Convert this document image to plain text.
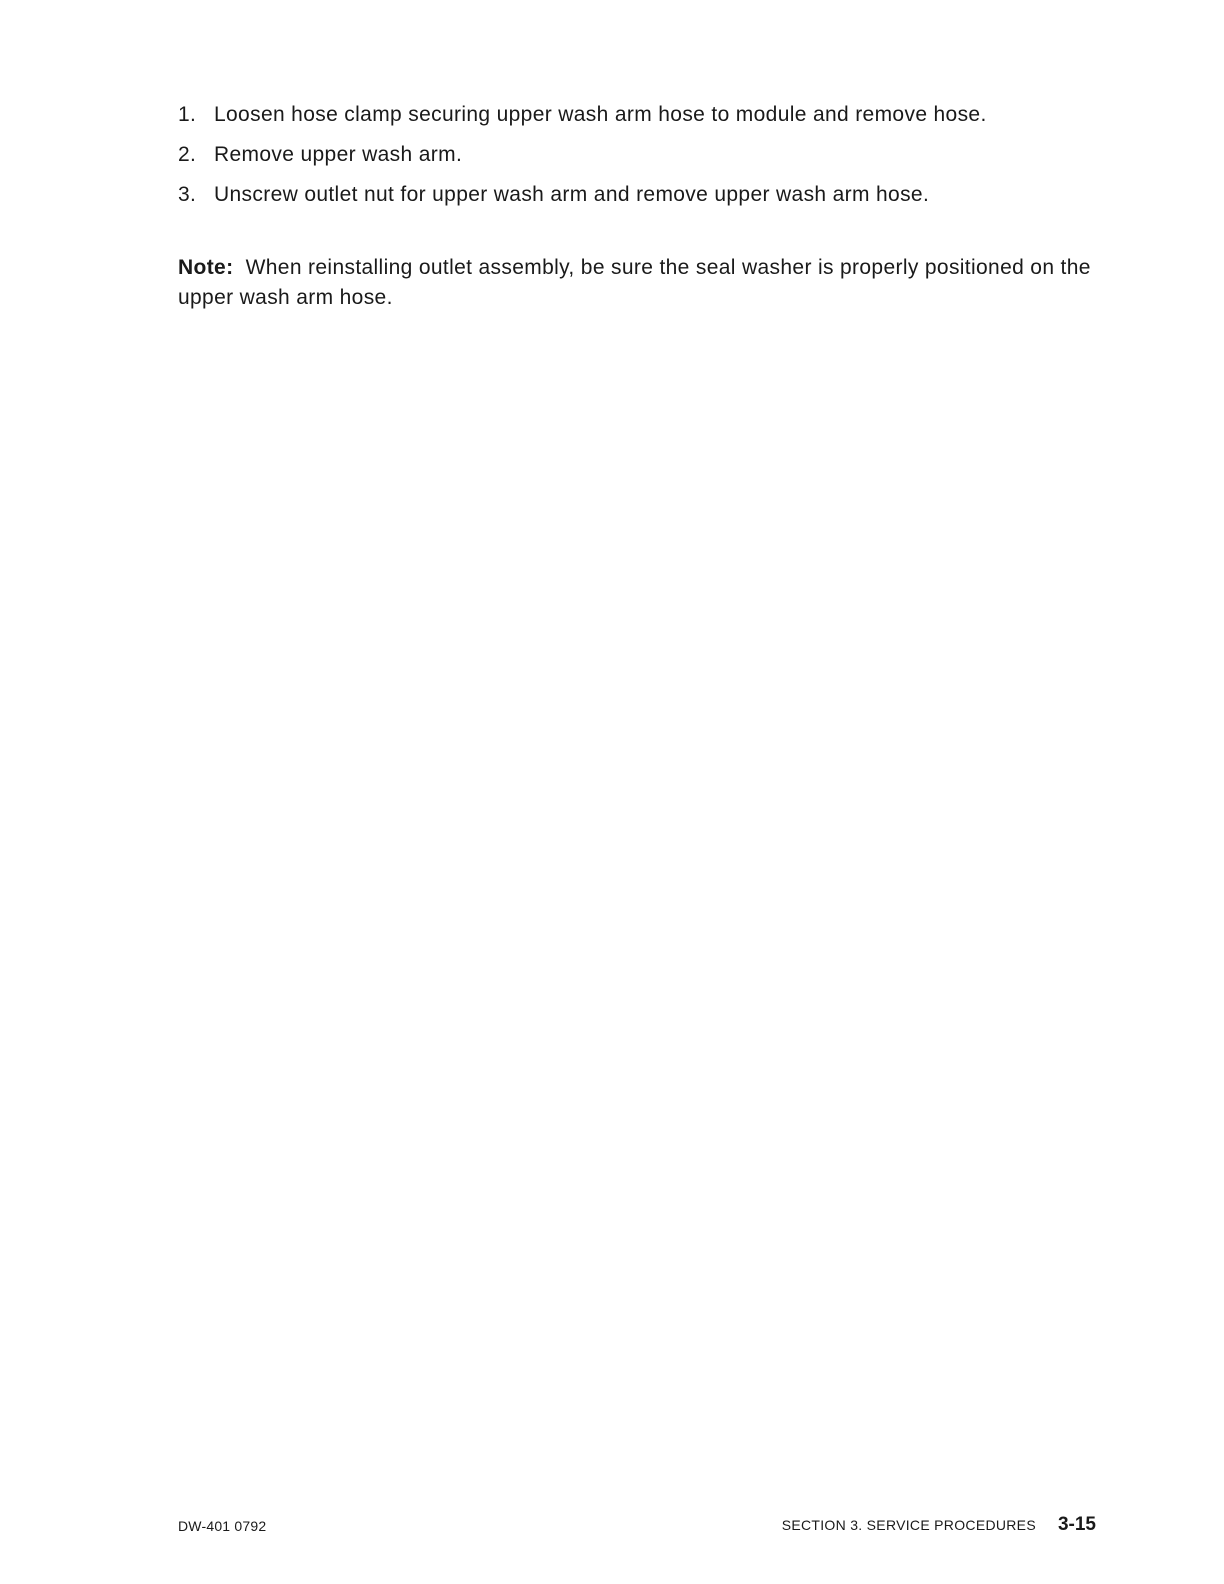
1. Loosen hose clamp securing upper wash arm hose to module and remove hose.
2. Remove upper wash arm.
3. Unscrew outlet nut for upper wash arm and remove upper wash arm hose.

Note: When reinstalling outlet assembly, be sure the seal washer is properly positioned on the upper wash arm hose.

DW-401 0792	SECTION 3. SERVICE PROCEDURES 3-15
